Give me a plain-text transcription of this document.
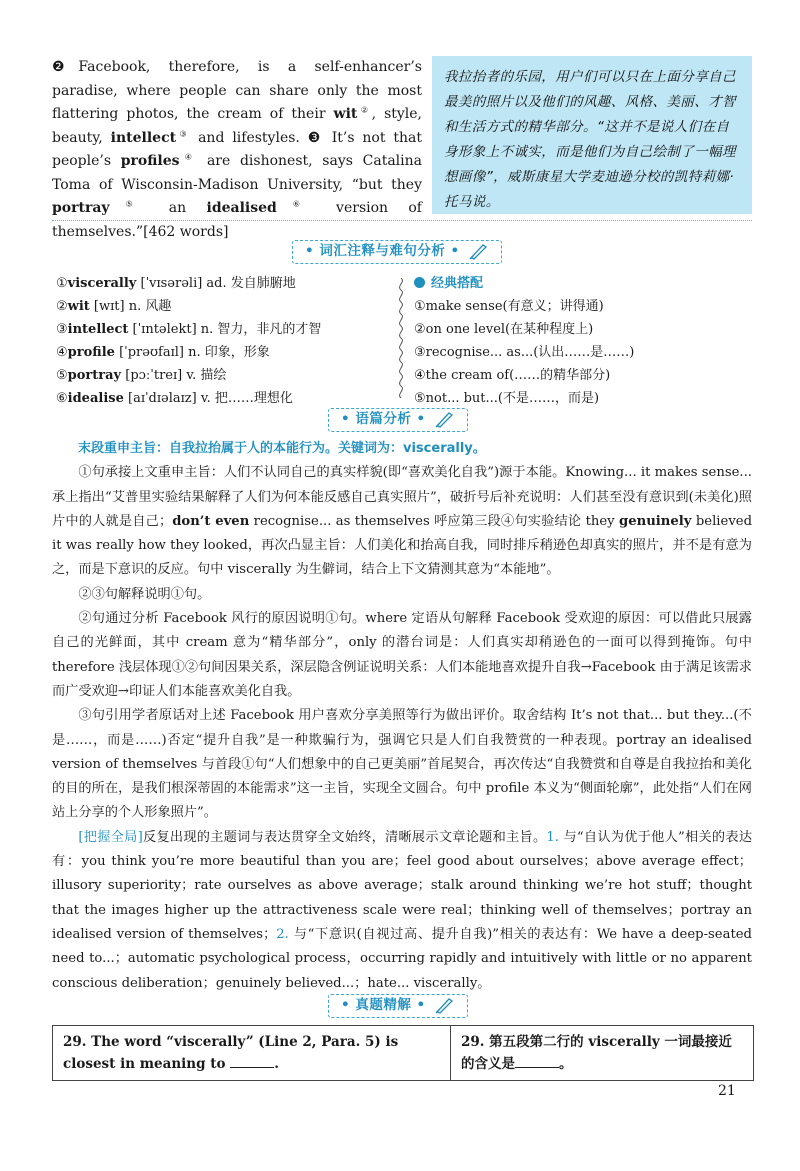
❷Facebook, therefore, is a self-enhancer’s paradise, where people can share only the most flattering photos, the cream of their wit②, style, beauty, intellect③ and lifestyles. ❸ It’s not that people’s profiles④ are dishonest, says Catalina Toma of Wisconsin-Madison University, “but they portray⑤ an idealised⑥ version of themselves.”[462 words]
我拉抬者的乐园，用户们可以只在上面分享自己最美的照片以及他们的风趣、风格、美丽、才智和生活方式的精华部分。“这并不是说人们在自身形象上不诚实，而是他们为自己绘制了一幅理想画像”，威斯康星大学麦迪逊分校的凯特莉娜·托马说。
• 词汇注释与难句分析 •
①viscerally [ˈvɪsərəli] ad. 发自肺腑地
②wit [wɪt] n. 风趣
③intellect [ˈɪntəlekt] n. 智力，非凡的才智
④profile [ˈprəʊfaɪl] n. 印象，形象
⑤portray [pɔːˈtreɪ] v. 描绘
⑥idealise [aɪˈdɪəlaɪz] v. 把……理想化
经典搭配
①make sense(有意义；讲得通)
②on one level(在某种程度上)
③recognise... as...(认出……是……)
④the cream of(……的精华部分)
⑤not... but...(不是……，而是)
• 语篇分析 •

末段重申主旨：自我拉抬属于人的本能行为。关键词为：viscerally。

①句承接上文重申主旨：人们不认同自己的真实样貌(即“喜欢美化自我”)源于本能。Knowing... it makes sense...承上指出“艾普里实验结果解释了人们为何本能反感自己真实照片”，破折号后补充说明：人们甚至没有意识到(未美化)照片中的人就是自己；don’t even recognise... as themselves 呼应第三段④句实验结论 they genuinely believed it was really how they looked，再次凸显主旨：人们美化和抬高自我，同时排斥稍逊色却真实的照片，并不是有意为之，而是下意识的反应。句中 viscerally 为生僻词，结合上下文猜测其意为“本能地”。

②③句解释说明①句。

②句通过分析 Facebook 风行的原因说明①句。where 定语从句解释 Facebook 受欢迎的原因：可以借此只展露自己的光鲜面，其中 cream 意为“精华部分”，only 的潜台词是：人们真实却稍逊色的一面可以得到掩饰。句中 therefore 浅层体现①②句间因果关系，深层隐含例证说明关系：人们本能地喜欢提升自我→Facebook 由于满足该需求而广受欢迎→印证人们本能喜欢美化自我。

③句引用学者原话对上述 Facebook 用户喜欢分享美照等行为做出评价。取舍结构 It’s not that... but they...(不是……，而是……)否定“提升自我”是一种欺骗行为，强调它只是人们自我赞赏的一种表现。portray an idealised version of themselves 与首段①句“人们想象中的自己更美丽”首尾契合，再次传达“自我赞赏和自尊是自我拉抬和美化的目的所在，是我们根深蒂固的本能需求”这一主旨，实现全文圆合。句中 profile 本义为“侧面轮廓”，此处指“人们在网站上分享的个人形象照片”。

[把握全局]反复出现的主题词与表达贯穿全文始终，清晰展示文章论题和主旨。1. 与“自认为优于他人”相关的表达有：you think you’re more beautiful than you are；feel good about ourselves；above average effect；illusory superiority；rate ourselves as above average；stalk around thinking we’re hot stuff；thought that the images higher up the attractiveness scale were real；thinking well of themselves；portray an idealised version of themselves；2. 与“下意识(自视过高、提升自我)”相关的表达有：We have a deep-seated need to...；automatic psychological process，occurring rapidly and intuitively with little or no apparent conscious deliberation；genuinely believed...；hate... viscerally。

• 真题精解 •
29. The word “viscerally” (Line 2, Para. 5) is closest in meaning to	.
29. 第五段第二行的 viscerally 一词最接近的含义是	。
21
